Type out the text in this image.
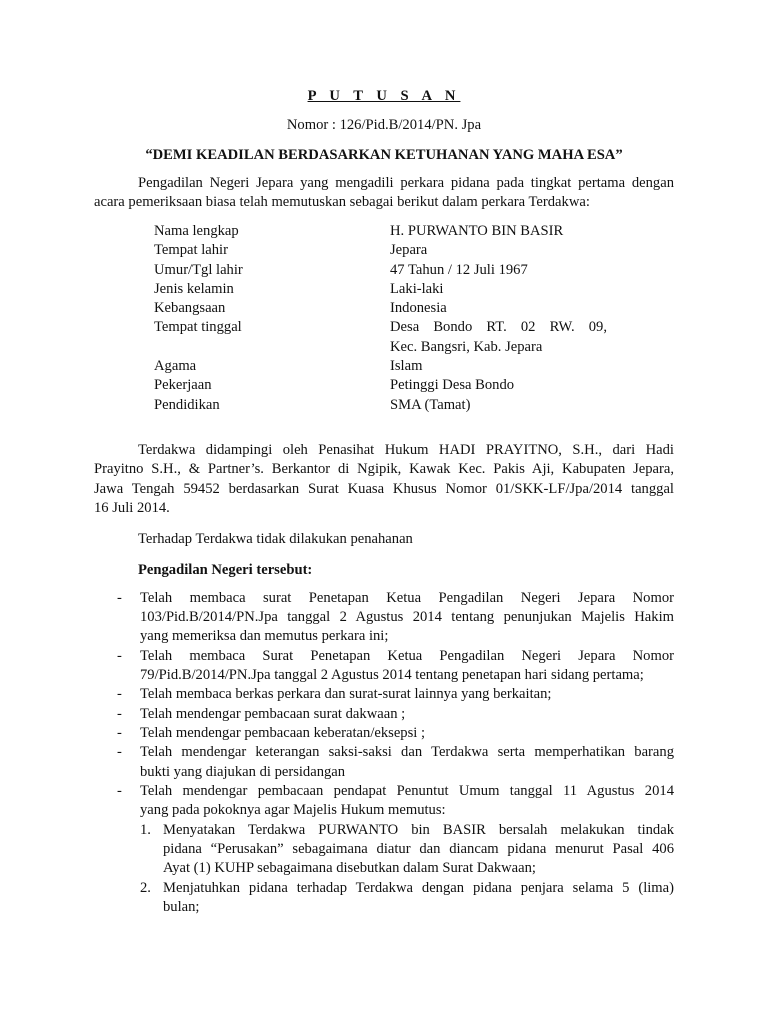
P U T U S A N
Nomor : 126/Pid.B/2014/PN. Jpa
“DEMI KEADILAN BERDASARKAN KETUHANAN YANG MAHA ESA”
Pengadilan Negeri Jepara yang mengadili perkara pidana pada tingkat pertama dengan
acara pemeriksaan biasa telah memutuskan sebagai berikut dalam perkara Terdakwa:
Nama lengkap	H. PURWANTO BIN BASIR
Tempat lahir	Jepara
Umur/Tgl lahir	47 Tahun / 12 Juli 1967
Jenis kelamin	Laki-laki
Kebangsaan	Indonesia
Tempat tinggal	Desa Bondo RT. 02 RW. 09,
Kec. Bangsri, Kab. Jepara
Agama	Islam
Pekerjaan	Petinggi Desa Bondo
Pendidikan	SMA (Tamat)
Terdakwa didampingi oleh Penasihat Hukum HADI PRAYITNO, S.H., dari Hadi
Prayitno S.H., & Partner’s. Berkantor di Ngipik, Kawak Kec. Pakis Aji, Kabupaten Jepara,
Jawa Tengah 59452 berdasarkan Surat Kuasa Khusus Nomor 01/SKK-LF/Jpa/2014 tanggal
16 Juli 2014.
Terhadap Terdakwa tidak dilakukan penahanan
Pengadilan Negeri tersebut:
- Telah membaca surat Penetapan Ketua Pengadilan Negeri Jepara Nomor
103/Pid.B/2014/PN.Jpa tanggal 2 Agustus 2014 tentang penunjukan Majelis Hakim
yang memeriksa dan memutus perkara ini;
- Telah membaca Surat Penetapan Ketua Pengadilan Negeri Jepara Nomor
79/Pid.B/2014/PN.Jpa tanggal 2 Agustus 2014 tentang penetapan hari sidang pertama;
- Telah membaca berkas perkara dan surat-surat lainnya yang berkaitan;
- Telah mendengar pembacaan surat dakwaan ;
- Telah mendengar pembacaan keberatan/eksepsi ;
- Telah mendengar keterangan saksi-saksi dan Terdakwa serta memperhatikan barang
bukti yang diajukan di persidangan
- Telah mendengar pembacaan pendapat Penuntut Umum tanggal 11 Agustus 2014
yang pada pokoknya agar Majelis Hukum memutus:
1. Menyatakan Terdakwa PURWANTO bin BASIR bersalah melakukan tindak
pidana “Perusakan” sebagaimana diatur dan diancam pidana menurut Pasal 406
Ayat (1) KUHP sebagaimana disebutkan dalam Surat Dakwaan;
2. Menjatuhkan pidana terhadap Terdakwa dengan pidana penjara selama 5 (lima)
bulan;
